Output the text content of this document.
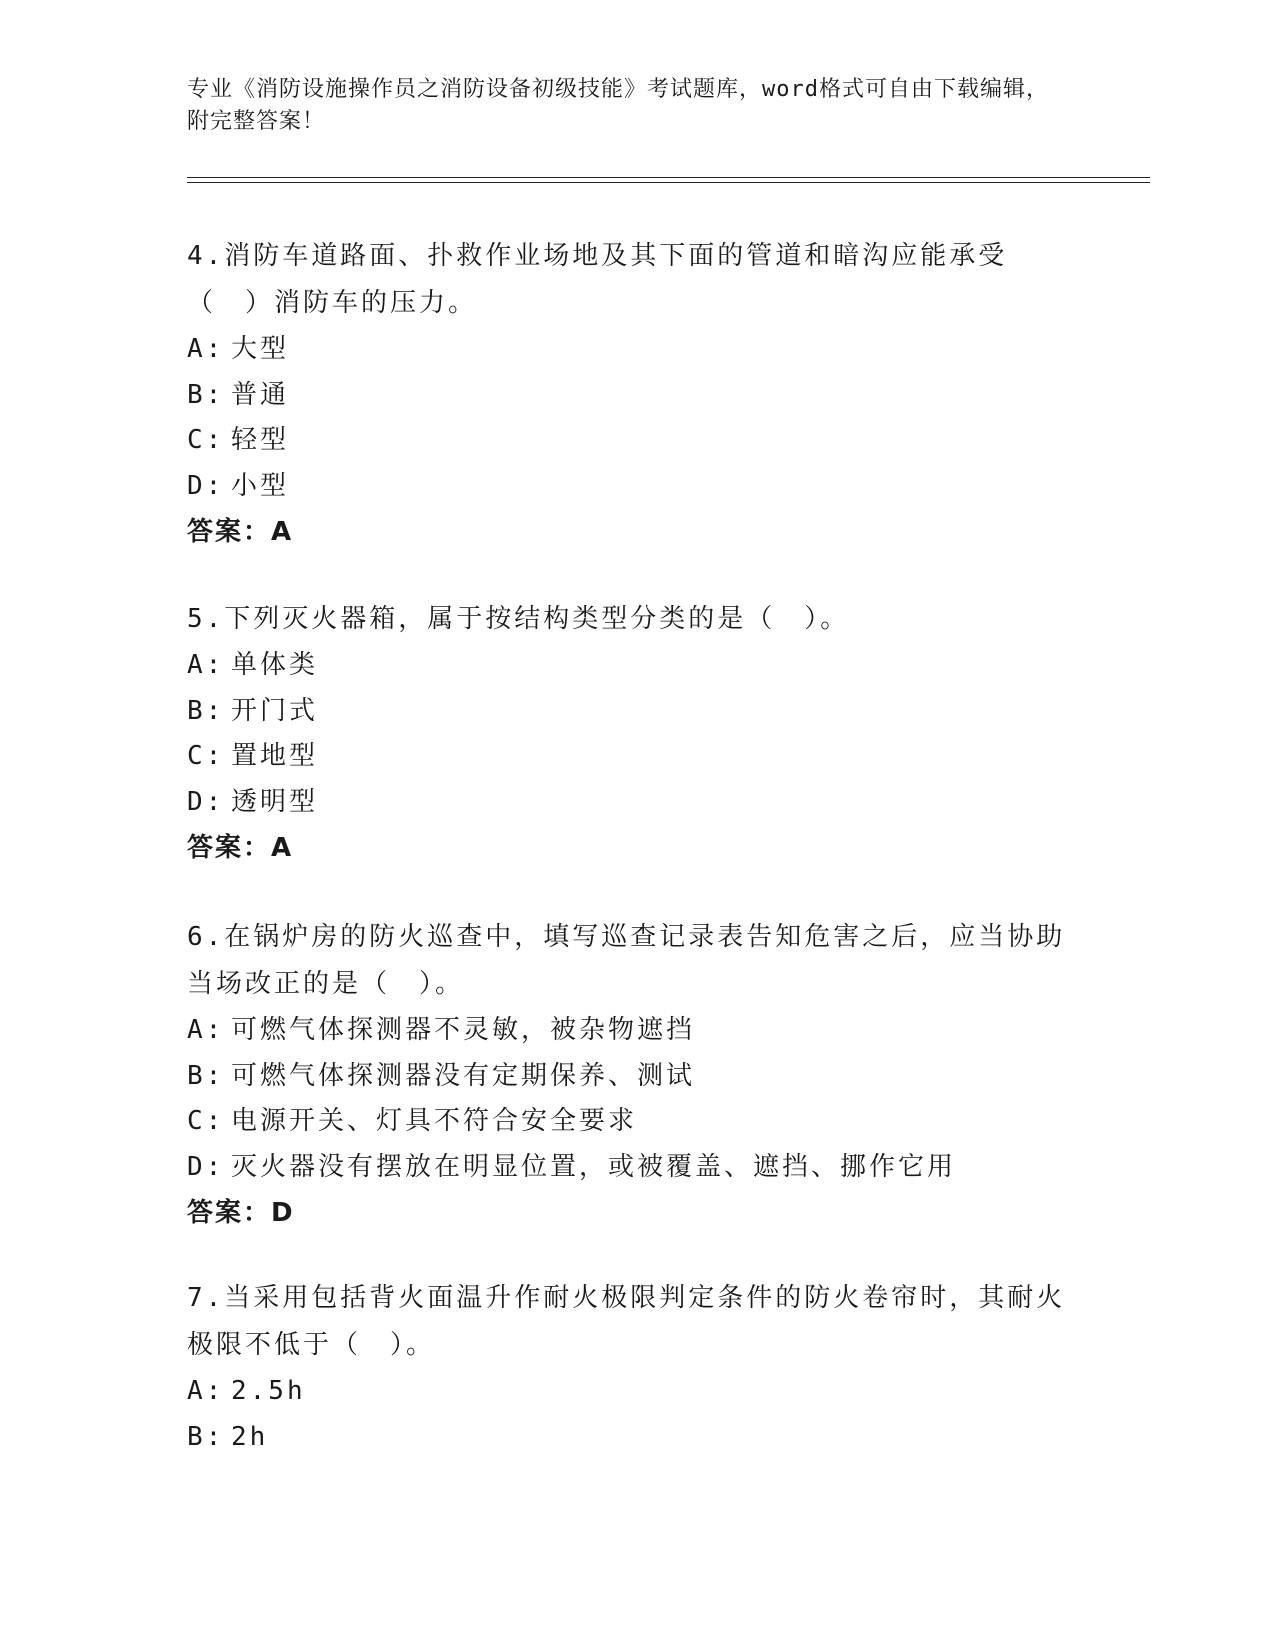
专业《消防设施操作员之消防设备初级技能》考试题库，word格式可自由下载编辑，附完整答案！
4.消防车道路面、扑救作业场地及其下面的管道和暗沟应能承受（　）消防车的压力。
A: 大型
B: 普通
C: 轻型
D: 小型
答案：A
5.下列灭火器箱，属于按结构类型分类的是（　）。
A: 单体类
B: 开门式
C: 置地型
D: 透明型
答案：A
6.在锅炉房的防火巡查中，填写巡查记录表告知危害之后，应当协助当场改正的是（　）。
A: 可燃气体探测器不灵敏，被杂物遮挡
B: 可燃气体探测器没有定期保养、测试
C: 电源开关、灯具不符合安全要求
D: 灭火器没有摆放在明显位置，或被覆盖、遮挡、挪作它用
答案：D
7.当采用包括背火面温升作耐火极限判定条件的防火卷帘时，其耐火极限不低于（　）。
A: 2.5h
B: 2h
